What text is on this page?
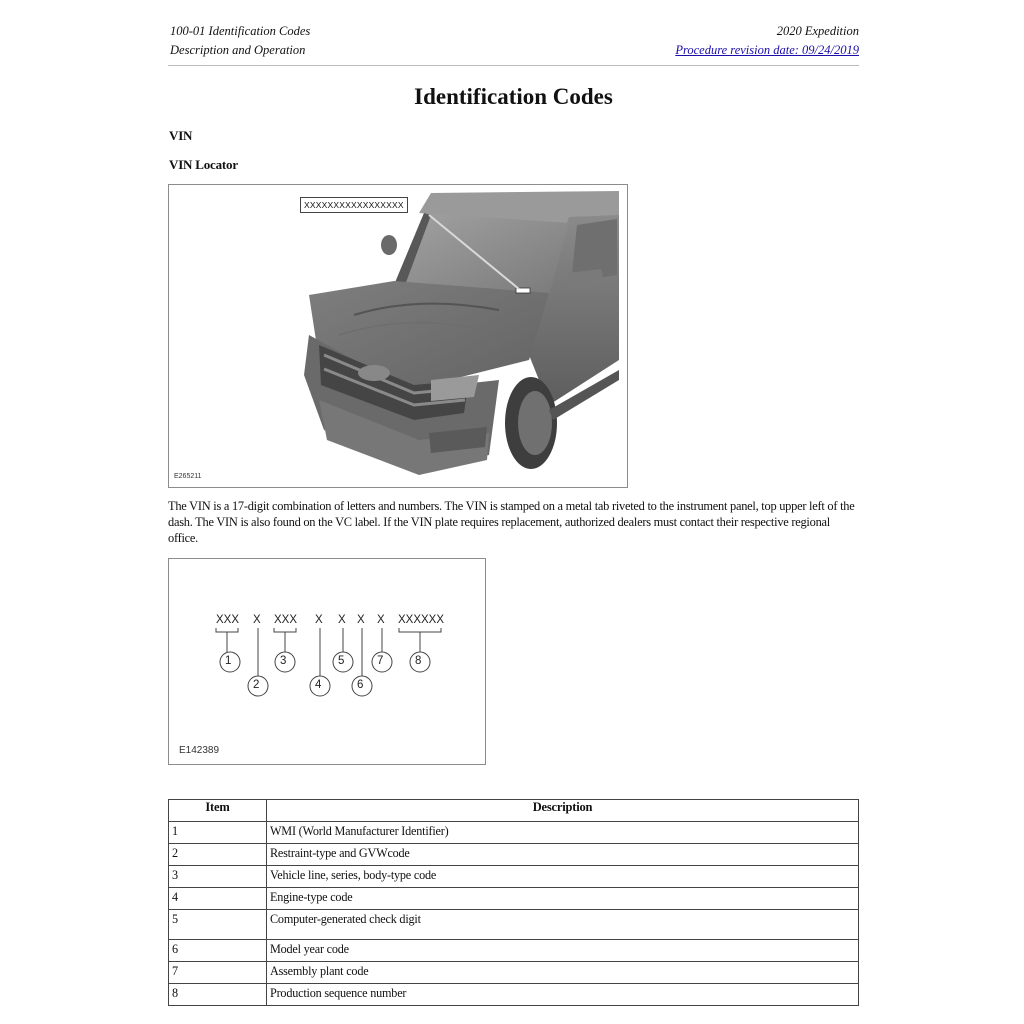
100-01 Identification Codes
Description and Operation
2020 Expedition
Procedure revision date: 09/24/2019
Identification Codes
VIN
VIN Locator
XXXXXXXXXXXXXXXXX
E265211
The VIN is a 17-digit combination of letters and numbers. The VIN is stamped on a metal tab riveted to the instrument panel, top upper left of the dash. The VIN is also found on the VC label. If the VIN plate requires replacement, authorized dealers must contact their respective regional office.
XXX X XXX X X X X XXXXXX
1
2
3
4
5
6
7	8
E142389
Item	Description
1	WMI (World Manufacturer Identifier)
2	Restraint-type and GVWcode
3	Vehicle line, series, body-type code
4	Engine-type code
5	Computer-generated check digit
6	Model year code
7	Assembly plant code
8	Production sequence number
